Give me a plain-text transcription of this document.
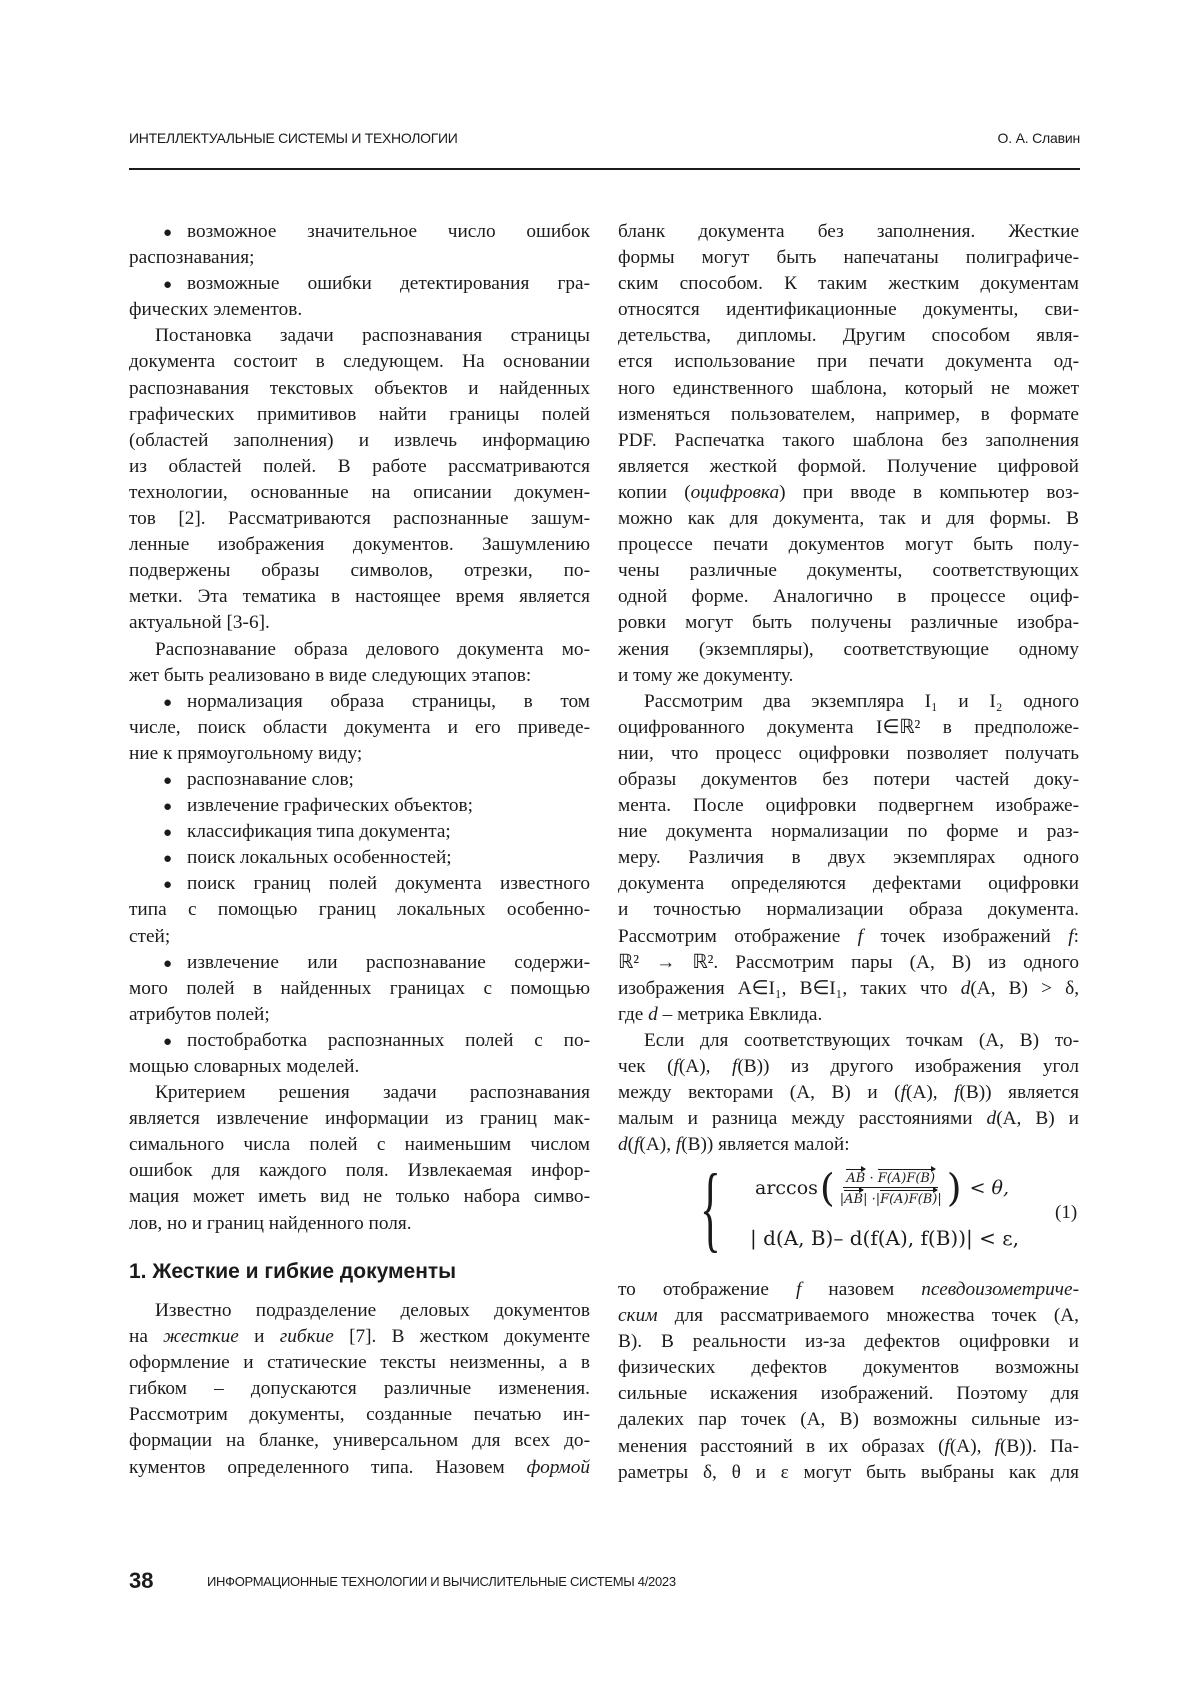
ИНТЕЛЛЕКТУАЛЬНЫЕ СИСТЕМЫ И ТЕХНОЛОГИИ	О. А. Славин
● возможное значительное число ошибок
распознавания;
● возможные ошибки детектирования гра-
фических элементов.
Постановка задачи распознавания страницы
документа состоит в следующем. На основании
распознавания текстовых объектов и найденных
графических примитивов найти границы полей
(областей заполнения) и извлечь информацию
из областей полей. В работе рассматриваются
технологии, основанные на описании докумен-
тов [2]. Рассматриваются распознанные зашум-
ленные изображения документов. Зашумлению
подвержены образы символов, отрезки, по-
метки. Эта тематика в настоящее время является
актуальной [3-6].
Распознавание образа делового документа мо-
жет быть реализовано в виде следующих этапов:
● нормализация образа страницы, в том
числе, поиск области документа и его приведе-
ние к прямоугольному виду;
● распознавание слов;
● извлечение графических объектов;
● классификация типа документа;
● поиск локальных особенностей;
● поиск границ полей документа известного
типа с помощью границ локальных особенно-
стей;
● извлечение или распознавание содержи-
мого полей в найденных границах с помощью
атрибутов полей;
● постобработка распознанных полей с по-
мощью словарных моделей.
Критерием решения задачи распознавания
является извлечение информации из границ мак-
симального числа полей с наименьшим числом
ошибок для каждого поля. Извлекаемая инфор-
мация может иметь вид не только набора симво-
лов, но и границ найденного поля.
1. Жесткие и гибкие документы
Известно подразделение деловых документов
на жесткие и гибкие [7]. В жестком документе
оформление и статические тексты неизменны, а в
гибком – допускаются различные изменения.
Рассмотрим документы, созданные печатью ин-
формации на бланке, универсальном для всех до-
кументов определенного типа. Назовем формой
бланк документа без заполнения. Жесткие
формы могут быть напечатаны полиграфиче-
ским способом. К таким жестким документам
относятся идентификационные документы, сви-
детельства, дипломы. Другим способом явля-
ется использование при печати документа од-
ного единственного шаблона, который не может
изменяться пользователем, например, в формате
PDF. Распечатка такого шаблона без заполнения
является жесткой формой. Получение цифровой
копии (оцифровка) при вводе в компьютер воз-
можно как для документа, так и для формы. В
процессе печати документов могут быть полу-
чены различные документы, соответствующих
одной форме. Аналогично в процессе оциф-
ровки могут быть получены различные изобра-
жения (экземпляры), соответствующие одному
и тому же документу.
Рассмотрим два экземпляра I₁ и I₂ одного
оцифрованного документа I∈ℝ² в предположе-
нии, что процесс оцифровки позволяет получать
образы документов без потери частей доку-
мента. После оцифровки подвергнем изображе-
ние документа нормализации по форме и раз-
меру. Различия в двух экземплярах одного
документа определяются дефектами оцифровки
и точностью нормализации образа документа.
Рассмотрим отображение f точек изображений f:
ℝ² → ℝ². Рассмотрим пары (A, B) из одного
изображения A∈I₁, B∈I₁, таких что d(A, B) > δ,
где d – метрика Евклида.
Если для соответствующих точкам (A, B) то-
чек (f(A), f(B)) из другого изображения угол
между векторами (A, B) и (f(A), f(B)) является
малым и разница между расстояниями d(A, B) и
d(f(A), f(B)) является малой:
{ arccos ( AB · F(A)F(B)
|AB| ·|F(A)F(B)| ) < θ,
| d(A, B)– d(f(A), f(B))| < ε,
(1)
то отображение f назовем псевдоизометриче-
ским для рассматриваемого множества точек (A,
B). В реальности из-за дефектов оцифровки и
физических дефектов документов возможны
сильные искажения изображений. Поэтому для
далеких пар точек (A, B) возможны сильные из-
менения расстояний в их образах (f(A), f(B)). Па-
раметры δ, θ и ε могут быть выбраны как для
38	ИНФОРМАЦИОННЫЕ ТЕХНОЛОГИИ И ВЫЧИСЛИТЕЛЬНЫЕ СИСТЕМЫ 4/2023
